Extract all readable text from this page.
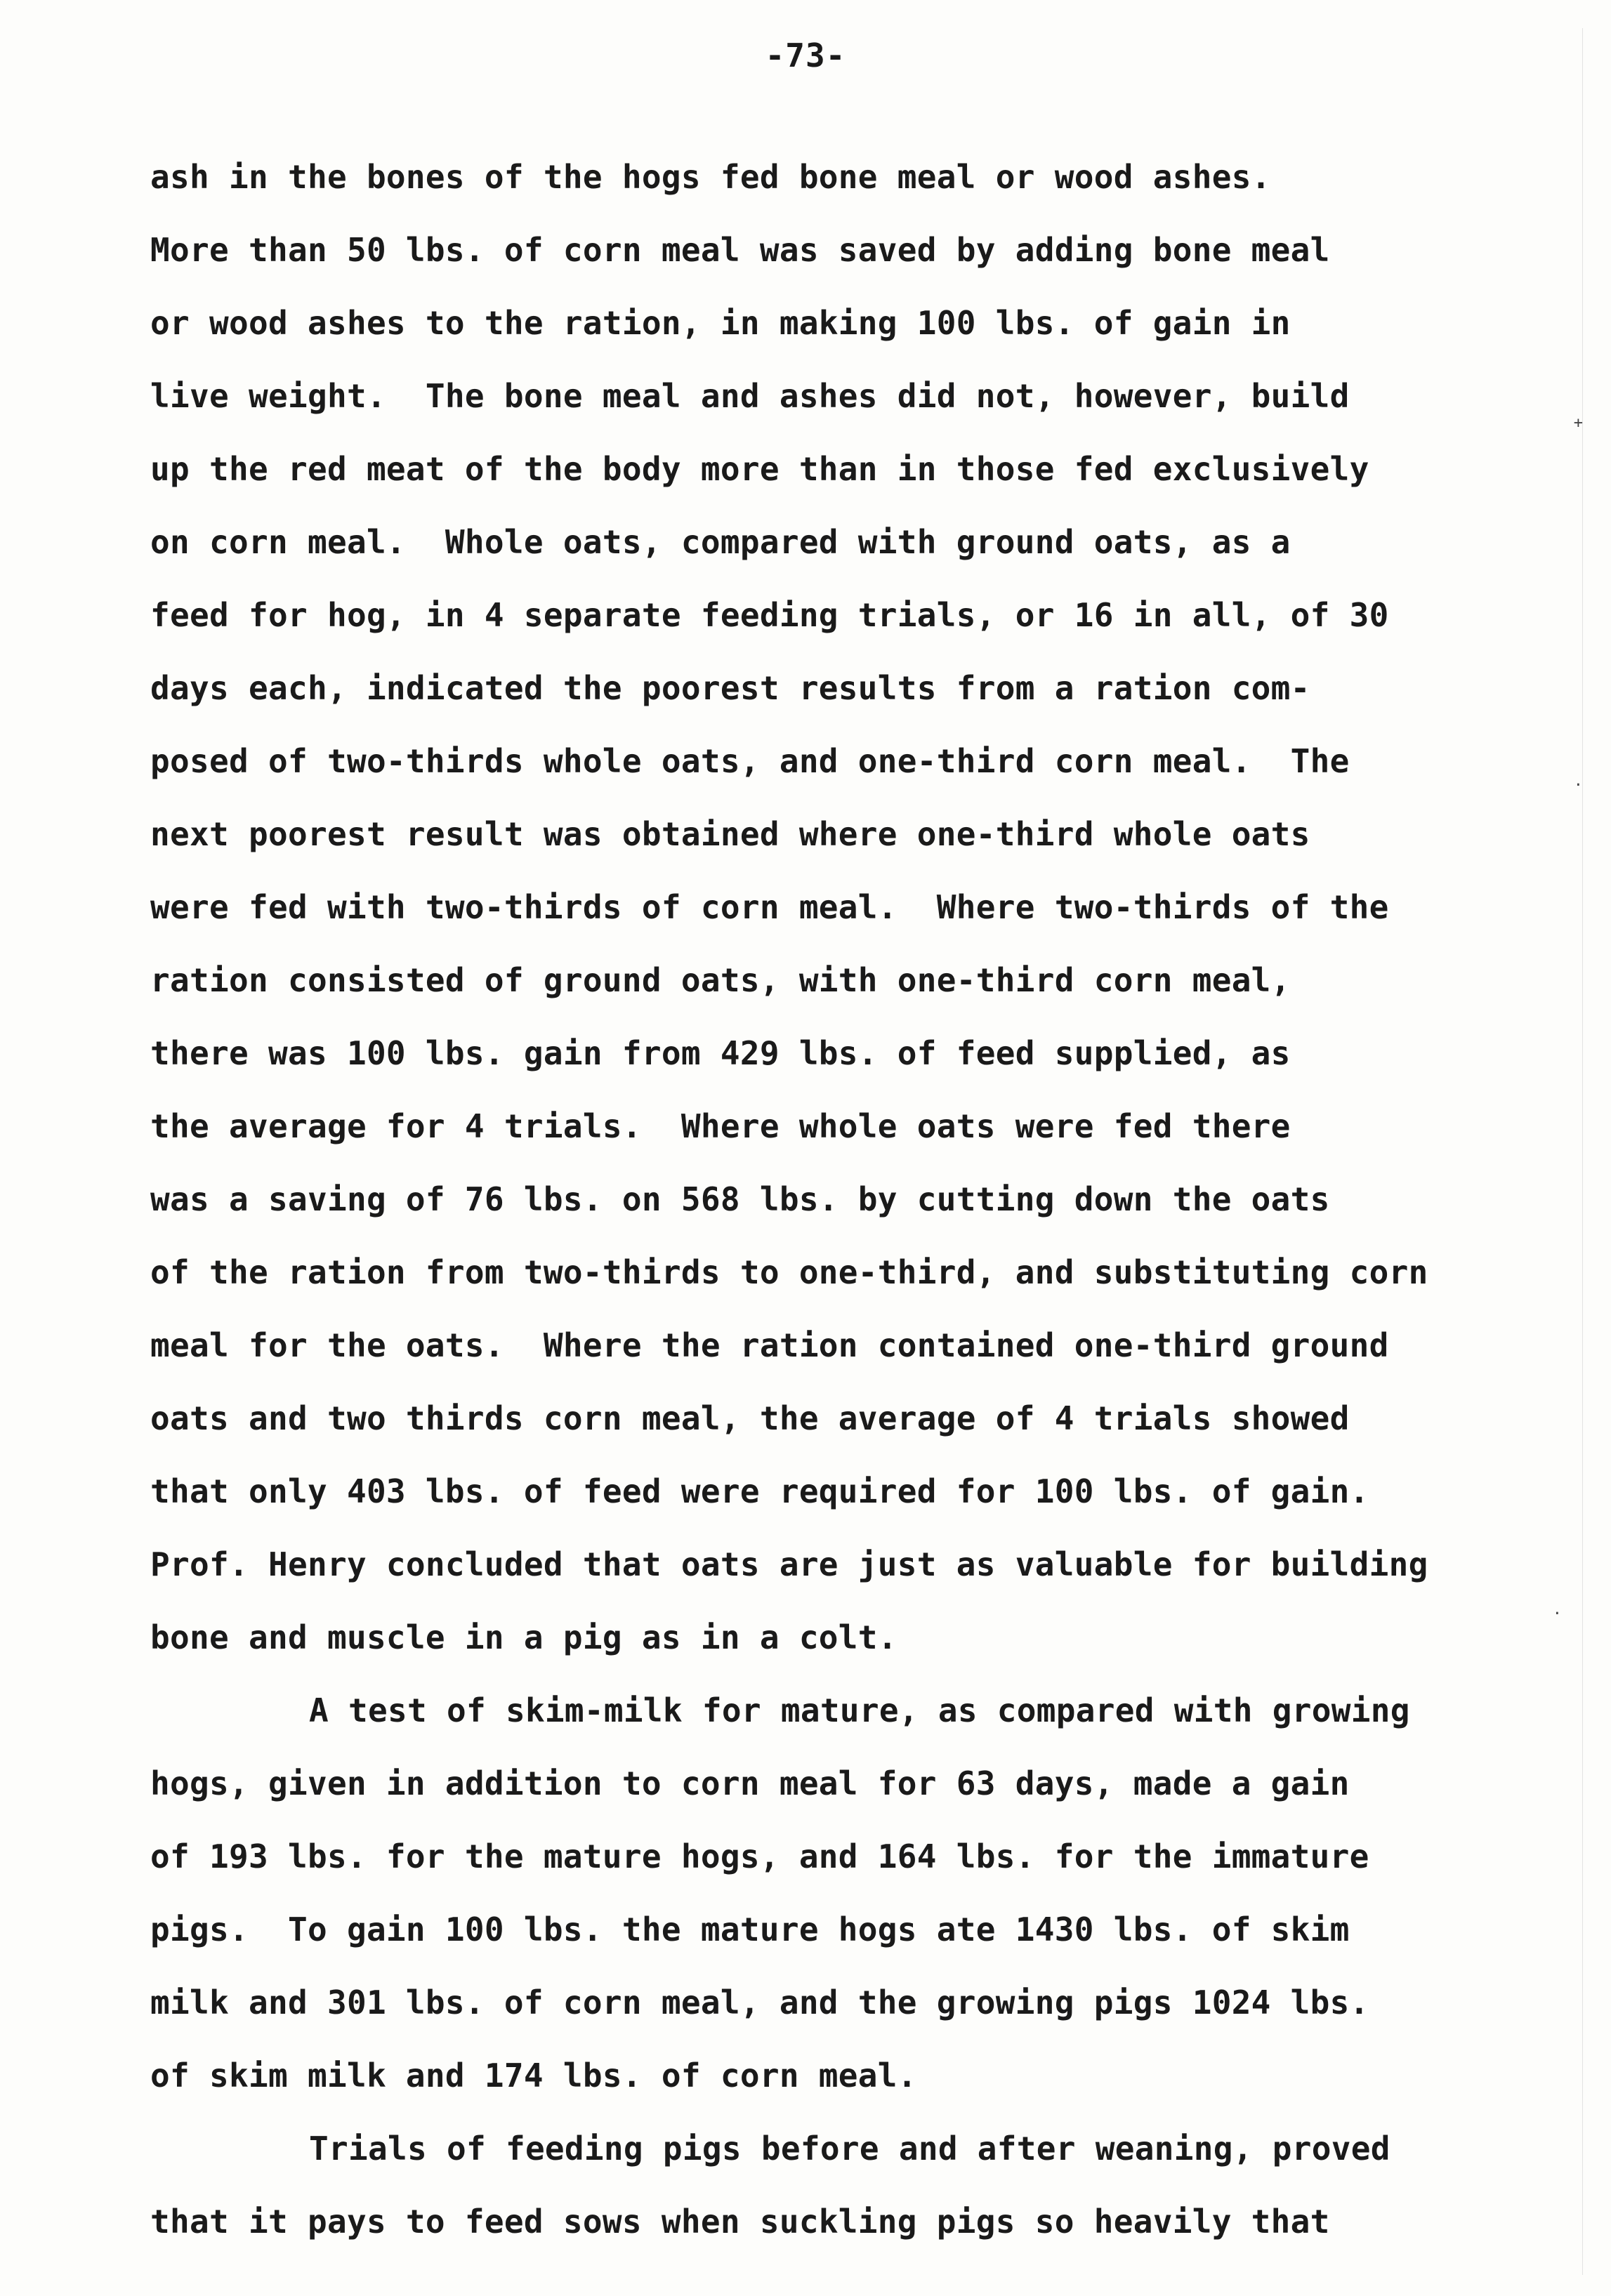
-73-
ash in the bones of the hogs fed bone meal or wood ashes.
More than 50 lbs. of corn meal was saved by adding bone meal
or wood ashes to the ration, in making 100 lbs. of gain in
live weight.  The bone meal and ashes did not, however, build
up the red meat of the body more than in those fed exclusively
on corn meal.  Whole oats, compared with ground oats, as a
feed for hog, in 4 separate feeding trials, or 16 in all, of 30
days each, indicated the poorest results from a ration com-
posed of two-thirds whole oats, and one-third corn meal.  The
next poorest result was obtained where one-third whole oats
were fed with two-thirds of corn meal.  Where two-thirds of the
ration consisted of ground oats, with one-third corn meal,
there was 100 lbs. gain from 429 lbs. of feed supplied, as
the average for 4 trials.  Where whole oats were fed there
was a saving of 76 lbs. on 568 lbs. by cutting down the oats
of the ration from two-thirds to one-third, and substituting corn
meal for the oats.  Where the ration contained one-third ground
oats and two thirds corn meal, the average of 4 trials showed
that only 403 lbs. of feed were required for 100 lbs. of gain.
Prof. Henry concluded that oats are just as valuable for building
bone and muscle in a pig as in a colt.
A test of skim-milk for mature, as compared with growing
hogs, given in addition to corn meal for 63 days, made a gain
of 193 lbs. for the mature hogs, and 164 lbs. for the immature
pigs.  To gain 100 lbs. the mature hogs ate 1430 lbs. of skim
milk and 301 lbs. of corn meal, and the growing pigs 1024 lbs.
of skim milk and 174 lbs. of corn meal.
Trials of feeding pigs before and after weaning, proved
that it pays to feed sows when suckling pigs so heavily that
+
.
.
